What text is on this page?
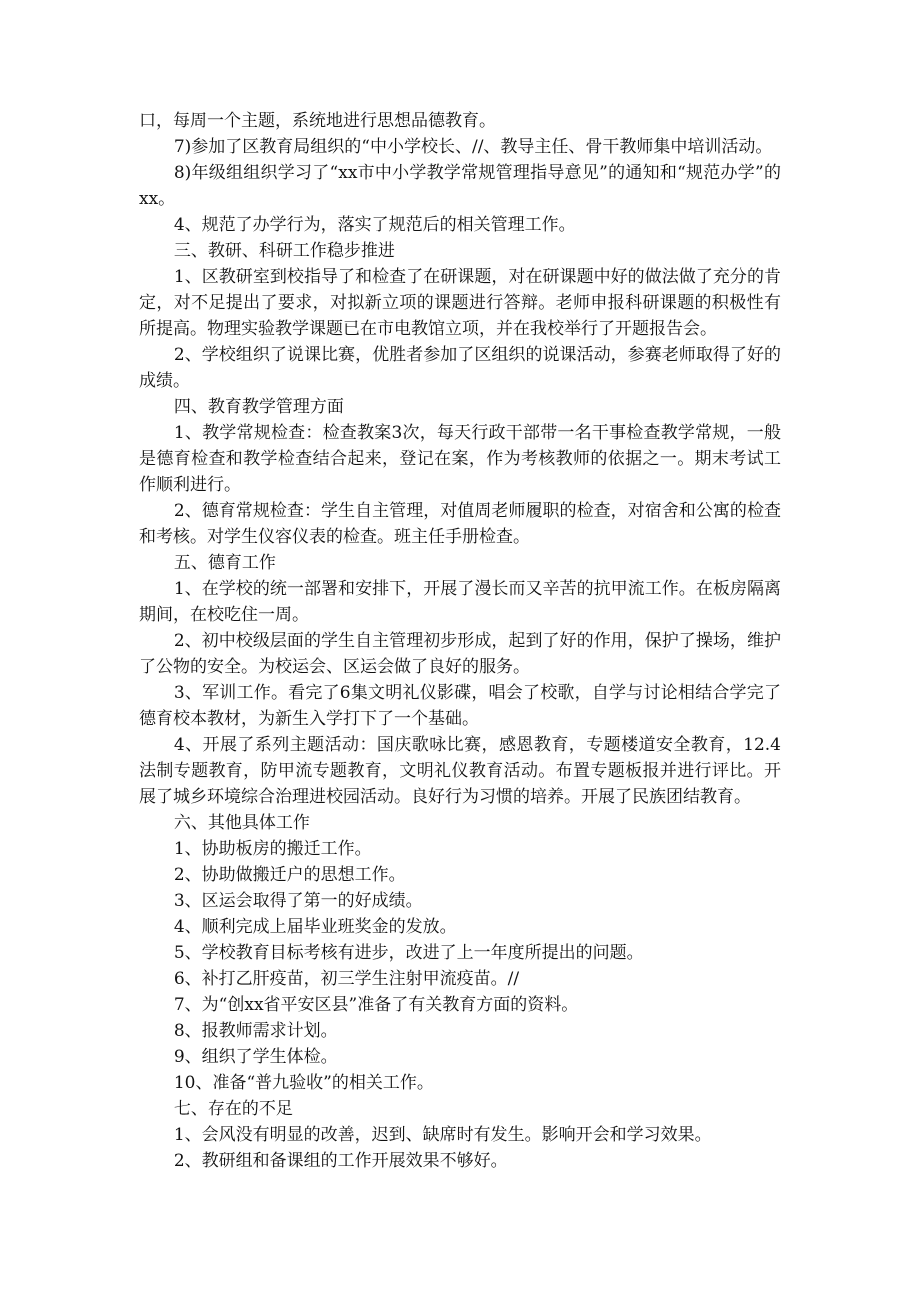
口，每周一个主题，系统地进行思想品德教育。

7)参加了区教育局组织的“中小学校长、//、教导主任、骨干教师集中培训活动。

8)年级组组织学习了“xx市中小学教学常规管理指导意见”的通知和“规范办学”的xx。

4、规范了办学行为，落实了规范后的相关管理工作。

三、教研、科研工作稳步推进

1、区教研室到校指导了和检查了在研课题，对在研课题中好的做法做了充分的肯定，对不足提出了要求，对拟新立项的课题进行答辩。老师申报科研课题的积极性有所提高。物理实验教学课题已在市电教馆立项，并在我校举行了开题报告会。

2、学校组织了说课比赛，优胜者参加了区组织的说课活动，参赛老师取得了好的成绩。

四、教育教学管理方面

1、教学常规检查：检查教案3次，每天行政干部带一名干事检查教学常规，一般是德育检查和教学检查结合起来，登记在案，作为考核教师的依据之一。期末考试工作顺利进行。

2、德育常规检查：学生自主管理，对值周老师履职的检查，对宿舍和公寓的检查和考核。对学生仪容仪表的检查。班主任手册检查。

五、德育工作

1、在学校的统一部署和安排下，开展了漫长而又辛苦的抗甲流工作。在板房隔离期间，在校吃住一周。

2、初中校级层面的学生自主管理初步形成，起到了好的作用，保护了操场，维护了公物的安全。为校运会、区运会做了良好的服务。

3、军训工作。看完了6集文明礼仪影碟，唱会了校歌，自学与讨论相结合学完了德育校本教材，为新生入学打下了一个基础。

4、开展了系列主题活动：国庆歌咏比赛，感恩教育，专题楼道安全教育，12.4法制专题教育，防甲流专题教育，文明礼仪教育活动。布置专题板报并进行评比。开展了城乡环境综合治理进校园活动。良好行为习惯的培养。开展了民族团结教育。

六、其他具体工作

1、协助板房的搬迁工作。

2、协助做搬迁户的思想工作。

3、区运会取得了第一的好成绩。

4、顺利完成上届毕业班奖金的发放。

5、学校教育目标考核有进步，改进了上一年度所提出的问题。

6、补打乙肝疫苗，初三学生注射甲流疫苗。//

7、为“创xx省平安区县”准备了有关教育方面的资料。

8、报教师需求计划。

9、组织了学生体检。

10、准备“普九验收”的相关工作。

七、存在的不足

1、会风没有明显的改善，迟到、缺席时有发生。影响开会和学习效果。

2、教研组和备课组的工作开展效果不够好。
